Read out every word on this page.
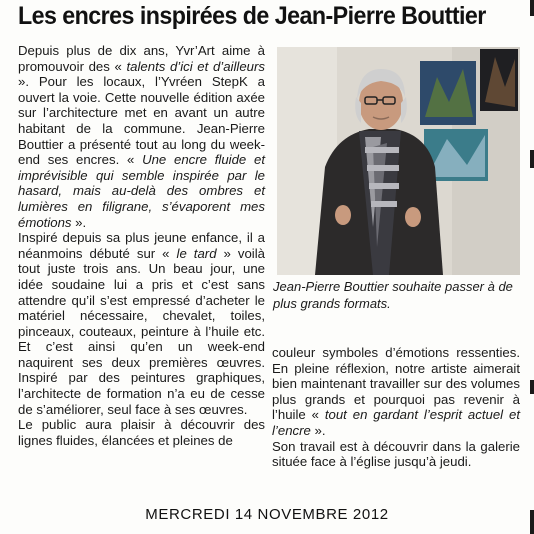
Les encres inspirées de Jean-Pierre Bouttier

Depuis plus de dix ans, Yvr’Art aime à promouvoir des « talents d’ici et d’ailleurs ». Pour les locaux, l’Yvréen StepK a ouvert la voie. Cette nouvelle édition axée sur l’architecture met en avant un autre habitant de la commune. Jean-Pierre Bouttier a présenté tout au long du week-end ses encres. « Une encre fluide et imprévisible qui semble inspirée par le hasard, mais au-delà des ombres et lumières en filigrane, s’évaporent mes émotions ».

Inspiré depuis sa plus jeune enfance, il a néanmoins débuté sur « le tard » voilà tout juste trois ans. Un beau jour, une idée soudaine lui a pris et c’est sans attendre qu’il s’est empressé d’acheter le matériel nécessaire, chevalet, toiles, pinceaux, couteaux, peinture à l’huile etc. Et c’est ainsi qu’en un week-end naquirent ses deux premières œuvres. Inspiré par des peintures graphiques, l’architecte de formation n’a eu de cesse de s’améliorer, seul face à ses œuvres.

Le public aura plaisir à découvrir des lignes fluides, élancées et pleines de

Jean-Pierre Bouttier souhaite passer à de plus grands formats.

couleur symboles d’émotions ressenties. En pleine réflexion, notre artiste aimerait bien maintenant travailler sur des volumes plus grands et pourquoi pas revenir à l’huile « tout en gardant l’esprit actuel et l’encre ».

Son travail est à découvrir dans la galerie située face à l’église jusqu’à jeudi.

MERCREDI 14 NOVEMBRE 2012
